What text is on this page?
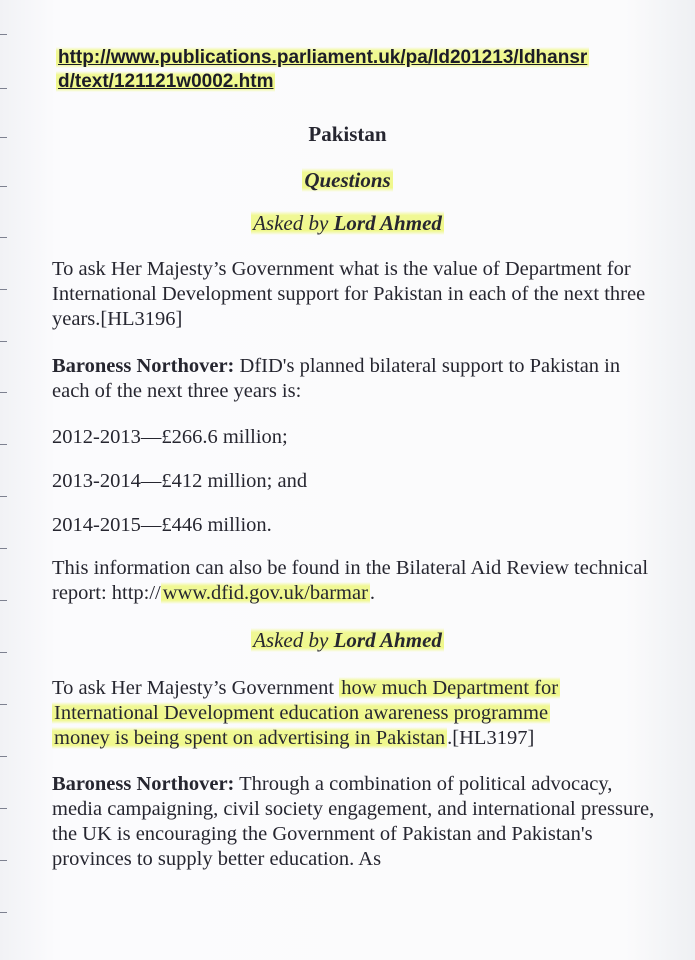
http://www.publications.parliament.uk/pa/ld201213/ldhansr
d/text/121121w0002.htm
Pakistan
Questions
Asked by Lord Ahmed
To ask Her Majesty’s Government what is the value of Department for International Development support for Pakistan in each of the next three years.[HL3196]
Baroness Northover: DfID's planned bilateral support to Pakistan in each of the next three years is:
2012-2013—£266.6 million;
2013-2014—£412 million; and
2014-2015—£446 million.
This information can also be found in the Bilateral Aid Review technical report: http://www.dfid.gov.uk/barmar.
Asked by Lord Ahmed
To ask Her Majesty’s Government how much Department for
International Development education awareness programme
money is being spent on advertising in Pakistan.[HL3197]
Baroness Northover: Through a combination of political advocacy, media campaigning, civil society engagement, and international pressure, the UK is encouraging the Government of Pakistan and Pakistan's provinces to supply better education. As
